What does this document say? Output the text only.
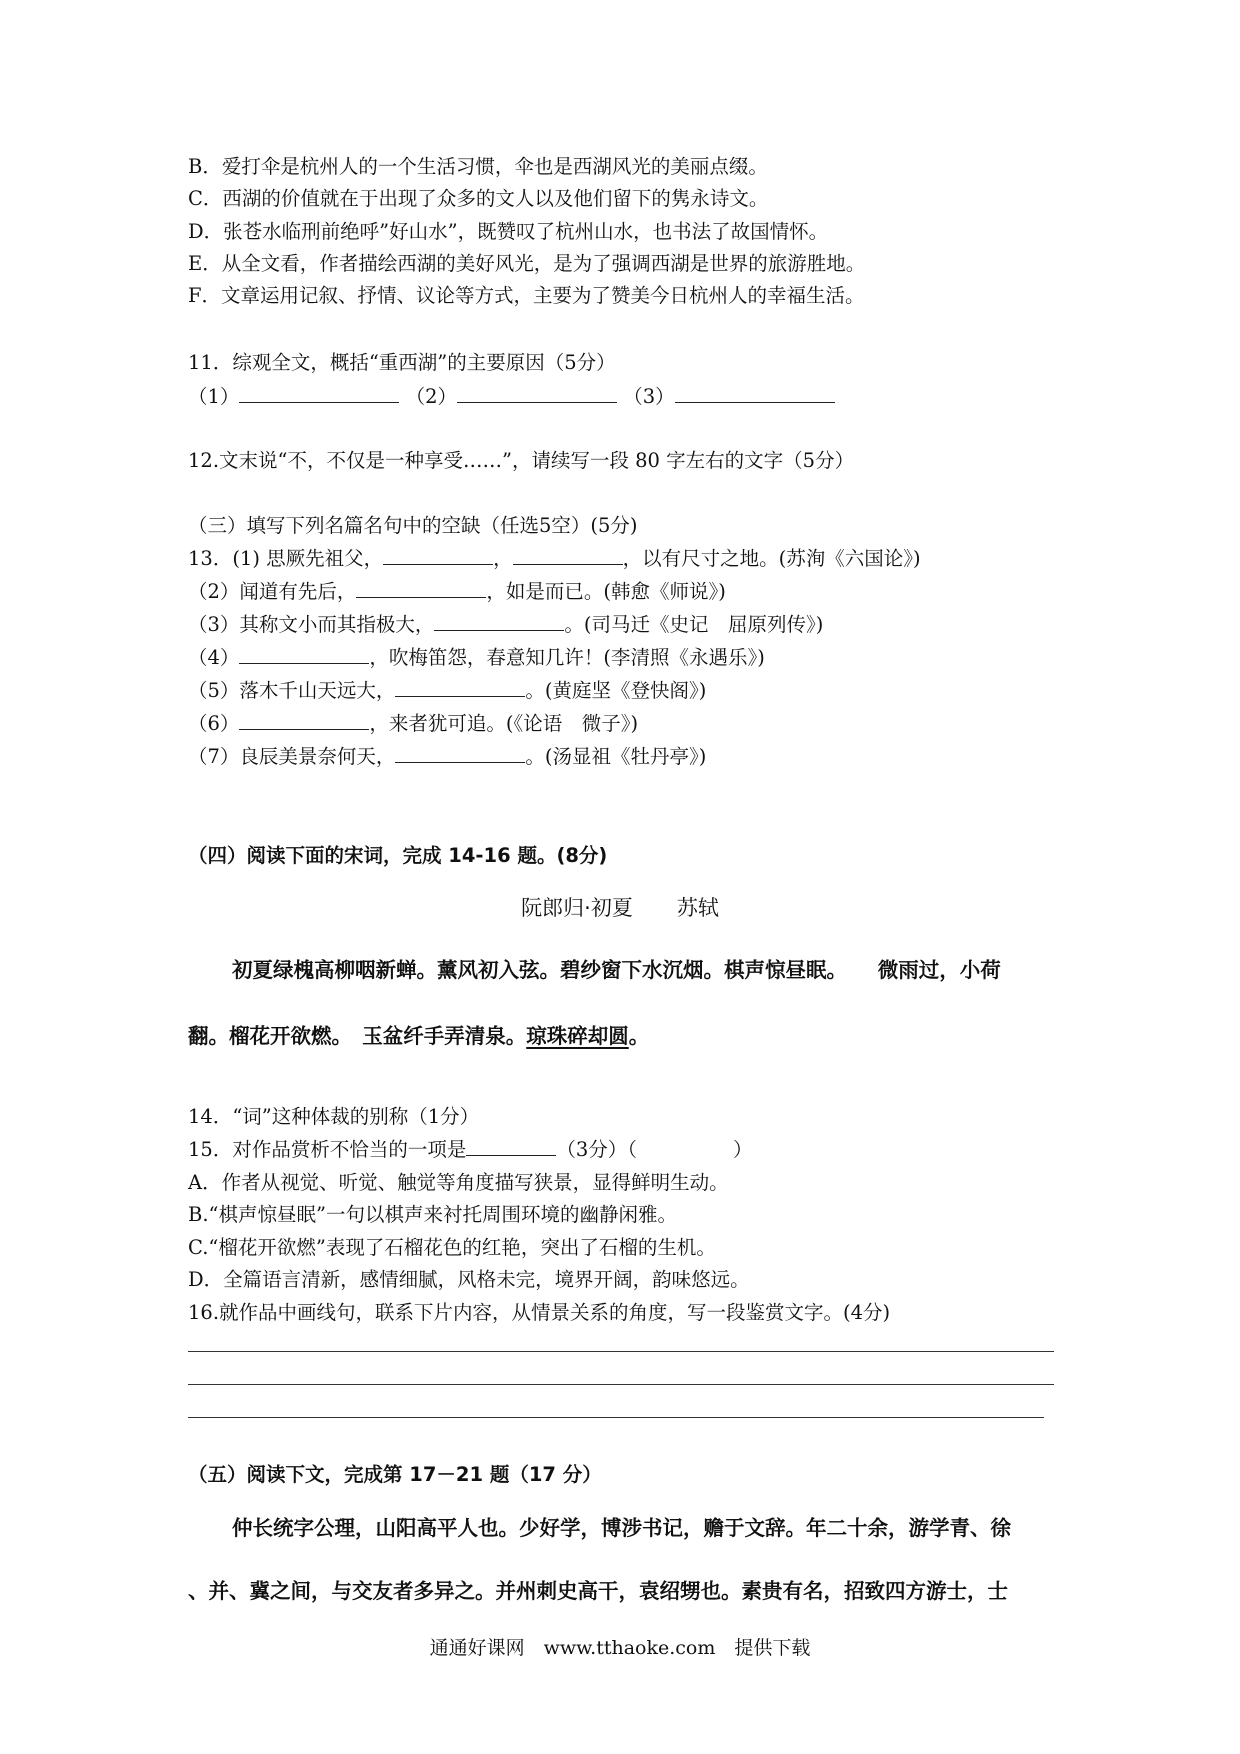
B．爱打伞是杭州人的一个生活习惯，伞也是西湖风光的美丽点缀。
C．西湖的价值就在于出现了众多的文人以及他们留下的隽永诗文。
D．张苍水临刑前绝呼”好山水”，既赞叹了杭州山水，也书法了故国情怀。
E．从全文看，作者描绘西湖的美好风光，是为了强调西湖是世界的旅游胜地。
F．文章运用记叙、抒情、议论等方式，主要为了赞美今日杭州人的幸福生活。
11．综观全文，概括“重西湖”的主要原因（5分）
（1）	（2）	（3）
12.文末说“不，不仅是一种享受……”，请续写一段 80 字左右的文字（5分）
（三）填写下列名篇名句中的空缺（任选5空）(5分)
13．(1) 思厥先祖父，	，	，以有尺寸之地。(苏洵《六国论》)
（2）闻道有先后，	，如是而已。(韩愈《师说》)
（3）其称文小而其指极大，	。(司马迁《史记　屈原列传》)
（4）	，吹梅笛怨，春意知几许！(李清照《永遇乐》)
（5）落木千山天远大，	。(黄庭坚《登快阁》)
（6）	，来者犹可追。(《论语　微子》)
（7）良辰美景奈何天，	。(汤显祖《牡丹亭》)
（四）阅读下面的宋词，完成 14-16 题。(8分)
阮郎归·初夏 苏轼
初夏绿槐高柳咽新蝉。薰风初入弦。碧纱窗下水沉烟。棋声惊昼眠。　　微雨过，小荷
翻。榴花开欲燃。　玉盆纤手弄清泉。琼珠碎却圆。
14．“词”这种体裁的别称（1分）
15．对作品赏析不恰当的一项是	（3分）（	）
A．作者从视觉、听觉、触觉等角度描写狭景，显得鲜明生动。
B.“棋声惊昼眠”一句以棋声来衬托周围环境的幽静闲雅。
C.“榴花开欲燃”表现了石榴花色的红艳，突出了石榴的生机。
D．全篇语言清新，感情细腻，风格未完，境界开阔，韵味悠远。
16.就作品中画线句，联系下片内容，从情景关系的角度，写一段鉴赏文字。(4分)
（五）阅读下文，完成第 17－21 题（17 分）
仲长统字公理，山阳高平人也。少好学，博涉书记，赡于文辞。年二十余，游学青、徐
、并、冀之间，与交友者多异之。并州刺史高干，袁绍甥也。素贵有名，招致四方游士，士
通通好课网　www.tthaoke.com　提供下载
